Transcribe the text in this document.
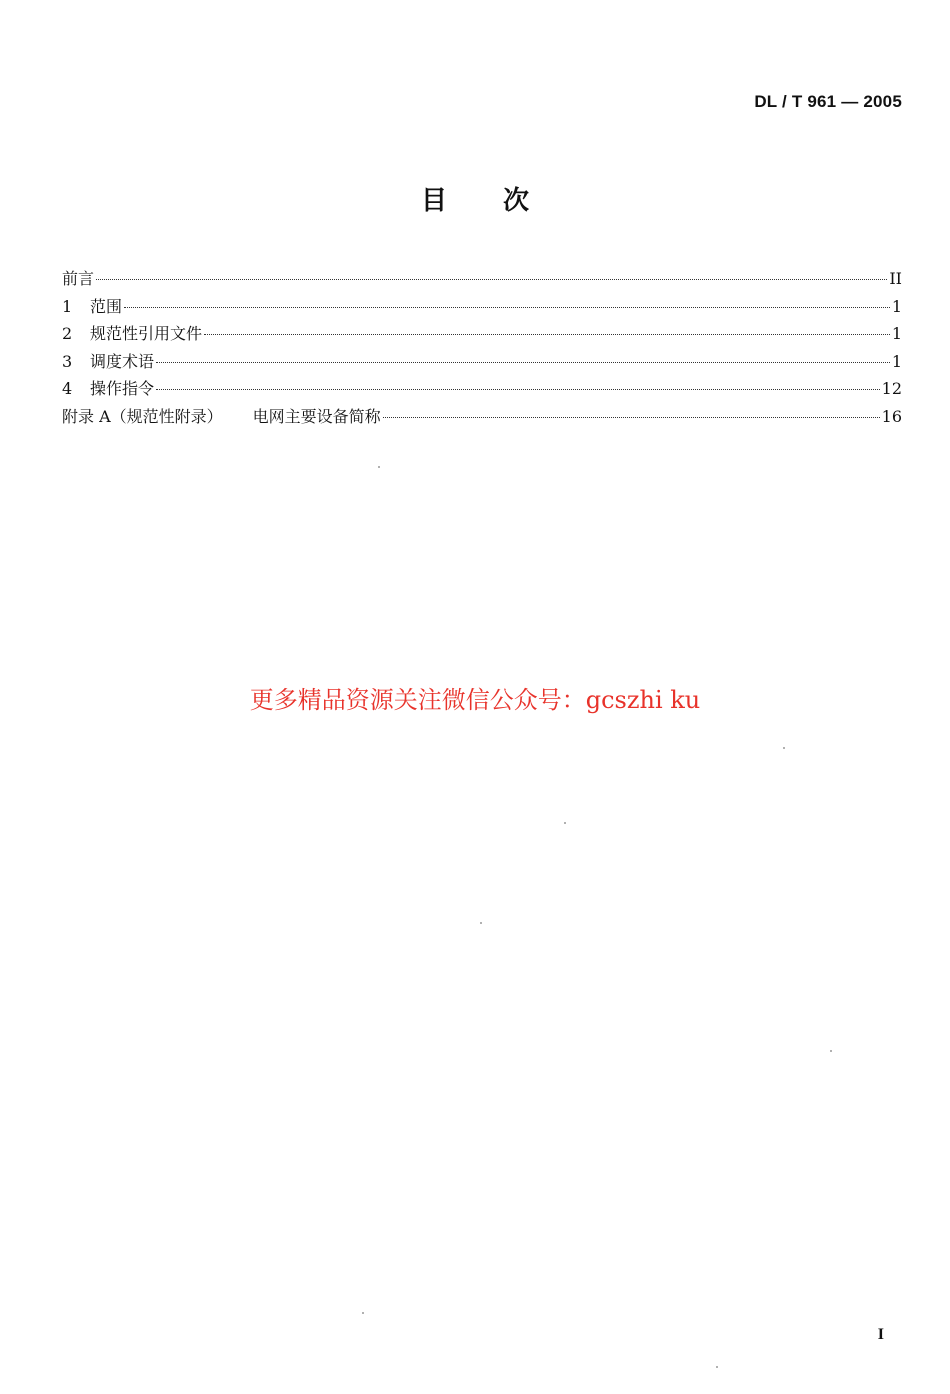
DL / T 961 — 2005
目次
前言	II
1	范围	1
2	规范性引用文件	1
3	调度术语	1
4	操作指令	12
附录 A（规范性附录） 电网主要设备简称	16
更多精品资源关注微信公众号：gcszhi ku
I
